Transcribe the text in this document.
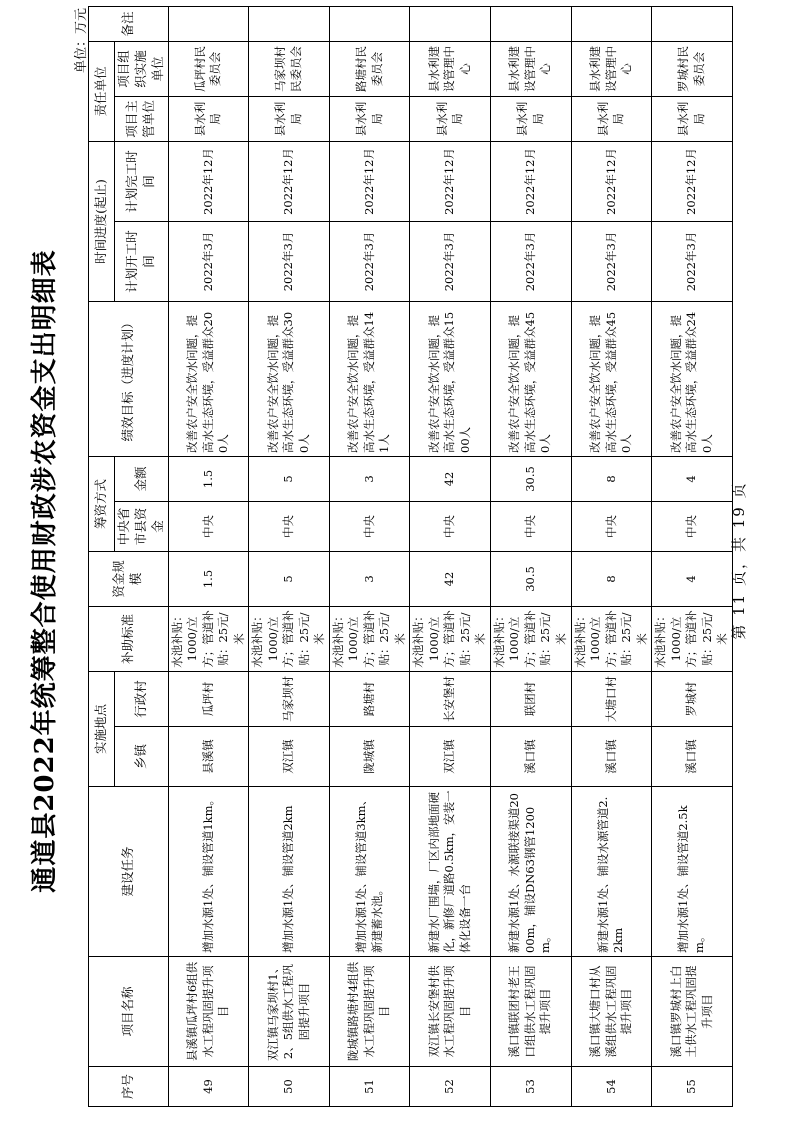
通道县2022年统筹整合使用财政涉农资金支出明细表
单位：万元
序号	项目名称	建设任务	实施地点		补助标准	资金规模	筹资方式		绩效目标（进度计划）	时间进度(起止)		责任单位		备注
			乡镇	行政村			中央省市县资金	金额		计划开工时间	计划完工时间	项目主管单位	项目组织实施单位	

49	县溪镇瓜坪村6组供水工程巩固提升项目	增加水源1处、铺设管道1km。	县溪镇	瓜坪村	水池补贴：1000/立方；管道补贴：25元/米	1.5	中央	1.5	改善农户安全饮水问题，提高水生态环境，受益群众200人	2022年3月	2022年12月	县水利局	瓜坪村民委员会	
50	双江镇马家坝村1、2、5组供水工程巩固提升项目	增加水源1处、铺设管道2km	双江镇	马家坝村	水池补贴：1000/立方；管道补贴：25元/米	5	中央	5	改善农户安全饮水问题，提高水生态环境，受益群众300人	2022年3月	2022年12月	县水利局	马家坝村民委员会	
51	陇城镇路塘村4组供水工程巩固提升项目	增加水源1处、铺设管道3km、新建蓄水池。	陇城镇	路塘村	水池补贴：1000/立方；管道补贴：25元/米	3	中央	3	改善农户安全饮水问题，提高水生态环境，受益群众141人	2022年3月	2022年12月	县水利局	路塘村民委员会	
52	双江镇长安堡村供水工程巩固提升项目	新建水厂围墙，厂区内部地面硬化，新修厂道路0.5km，安装一体化设备一台	双江镇	长安堡村	水池补贴：1000/立方；管道补贴：25元/米	42	中央	42	改善农户安全饮水问题，提高水生态环境，受益群众1500人	2022年3月	2022年12月	县水利局	县水利建设管理中心	
53	溪口镇联团村老王口组供水工程巩固提升项目	新建水源1处、水源联接渠道2000m，铺设DN63钢管1200m。	溪口镇	联团村	水池补贴：1000/立方；管道补贴：25元/米	30.5	中央	30.5	改善农户安全饮水问题，提高水生态环境，受益群众450人	2022年3月	2022年12月	县水利局	县水利建设管理中心	
54	溪口镇大塘口村从溪组供水工程巩固提升项目	新建水源1处、铺设水源管道2.2km	溪口镇	大塘口村	水池补贴：1000/立方；管道补贴：25元/米	8	中央	8	改善农户安全饮水问题，提高水生态环境，受益群众450人	2022年3月	2022年12月	县水利局	县水利建设管理中心	
55	溪口镇罗城村上白土供水工程巩固提升项目	增加水源1处、铺设管道2.5km。	溪口镇	罗城村	水池补贴：1000/立方；管道补贴：25元/米	4	中央	4	改善农户安全饮水问题，提高水生态环境，受益群众240人	2022年3月	2022年12月	县水利局	罗城村民委员会	
第 11 页，共 19 页
